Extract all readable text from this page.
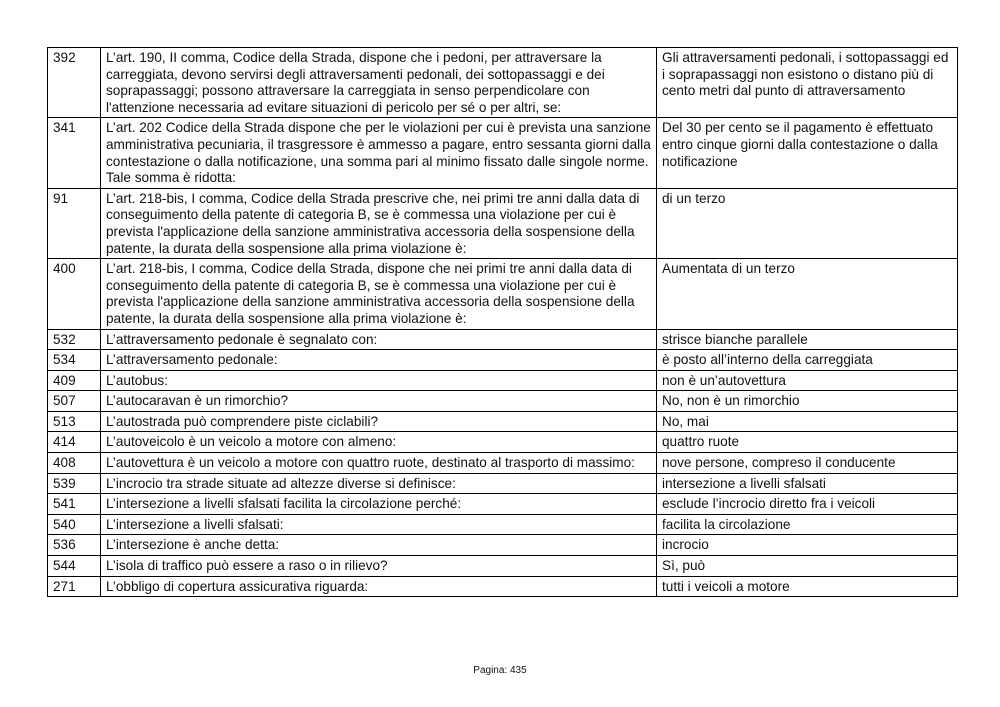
392	L’art. 190, II comma, Codice della Strada, dispone che i pedoni, per attraversare la carreggiata, devono servirsi degli attraversamenti pedonali, dei sottopassaggi e dei soprapassaggi; possono attraversare la carreggiata in senso perpendicolare con l'attenzione necessaria ad evitare situazioni di pericolo per sé o per altri, se:	Gli attraversamenti pedonali, i sottopassaggi ed i soprapassaggi non esistono o distano più di cento metri dal punto di attraversamento
341	L’art. 202 Codice della Strada dispone che per le violazioni per cui è prevista una sanzione amministrativa pecuniaria, il trasgressore è ammesso a pagare, entro sessanta giorni dalla contestazione o dalla notificazione, una somma pari al minimo fissato dalle singole norme. Tale somma è ridotta:	Del 30 per cento se il pagamento è effettuato entro cinque giorni dalla contestazione o dalla notificazione
91	L’art. 218-bis, I comma, Codice della Strada prescrive che, nei primi tre anni dalla data di conseguimento della patente di categoria B, se è commessa una violazione per cui è prevista l'applicazione della sanzione amministrativa accessoria della sospensione della patente, la durata della sospensione alla prima violazione è:	di un terzo
400	L’art. 218-bis, I comma, Codice della Strada, dispone che nei primi tre anni dalla data di conseguimento della patente di categoria B, se è commessa una violazione per cui è prevista l'applicazione della sanzione amministrativa accessoria della sospensione della patente, la durata della sospensione alla prima violazione è:	Aumentata di un terzo
532	L’attraversamento pedonale è segnalato con:	strisce bianche parallele
534	L’attraversamento pedonale:	è posto all’interno della carreggiata
409	L’autobus:	non è un’autovettura
507	L’autocaravan è un rimorchio?	No, non è un rimorchio
513	L’autostrada può comprendere piste ciclabili?	No, mai
414	L’autoveicolo è un veicolo a motore con almeno:	quattro ruote
408	L’autovettura è un veicolo a motore con quattro ruote, destinato al trasporto di massimo:	nove persone, compreso il conducente
539	L’incrocio tra strade situate ad altezze diverse si definisce:	intersezione a livelli sfalsati
541	L’intersezione a livelli sfalsati facilita la circolazione perché:	esclude l’incrocio diretto fra i veicoli
540	L’intersezione a livelli sfalsati:	facilita la circolazione
536	L’intersezione è anche detta:	incrocio
544	L’isola di traffico può essere a raso o in rilievo?	Sì, può
271	L’obbligo di copertura assicurativa riguarda:	tutti i veicoli a motore
Pagina: 435
